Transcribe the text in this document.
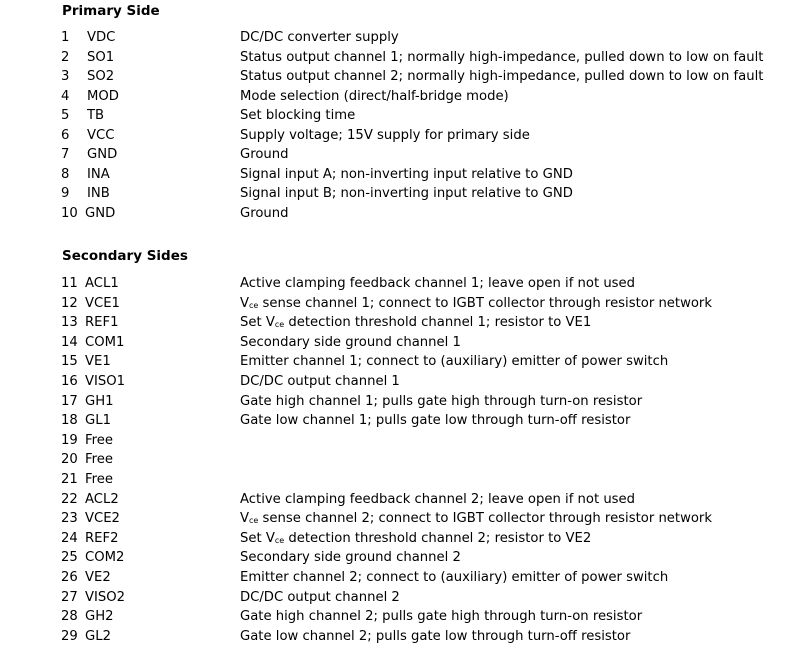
Primary Side
1 VDC	DC/DC converter supply
2 SO1	Status output channel 1; normally high-impedance, pulled down to low on fault
3 SO2	Status output channel 2; normally high-impedance, pulled down to low on fault
4 MOD	Mode selection (direct/half-bridge mode)
5 TB	Set blocking time
6 VCC	Supply voltage; 15V supply for primary side
7 GND	Ground
8 INA	Signal input A; non-inverting input relative to GND
9 INB	Signal input B; non-inverting input relative to GND
10 GND	Ground
Secondary Sides
11 ACL1	Active clamping feedback channel 1; leave open if not used
12 VCE1	$V_{ce}$ sense channel 1; connect to IGBT collector through resistor network
13 REF1	Set $V_{ce}$ detection threshold channel 1; resistor to VE1
14 COM1	Secondary side ground channel 1
15 VE1	Emitter channel 1; connect to (auxiliary) emitter of power switch
16 VISO1	DC/DC output channel 1
17 GH1	Gate high channel 1; pulls gate high through turn-on resistor
18 GL1	Gate low channel 1; pulls gate low through turn-off resistor
19 Free
20 Free
21 Free
22 ACL2	Active clamping feedback channel 2; leave open if not used
23 VCE2	$V_{ce}$ sense channel 2; connect to IGBT collector through resistor network
24 REF2	Set $V_{ce}$ detection threshold channel 2; resistor to VE2
25 COM2	Secondary side ground channel 2
26 VE2	Emitter channel 2; connect to (auxiliary) emitter of power switch
27 VISO2	DC/DC output channel 2
28 GH2	Gate high channel 2; pulls gate high through turn-on resistor
29 GL2	Gate low channel 2; pulls gate low through turn-off resistor
